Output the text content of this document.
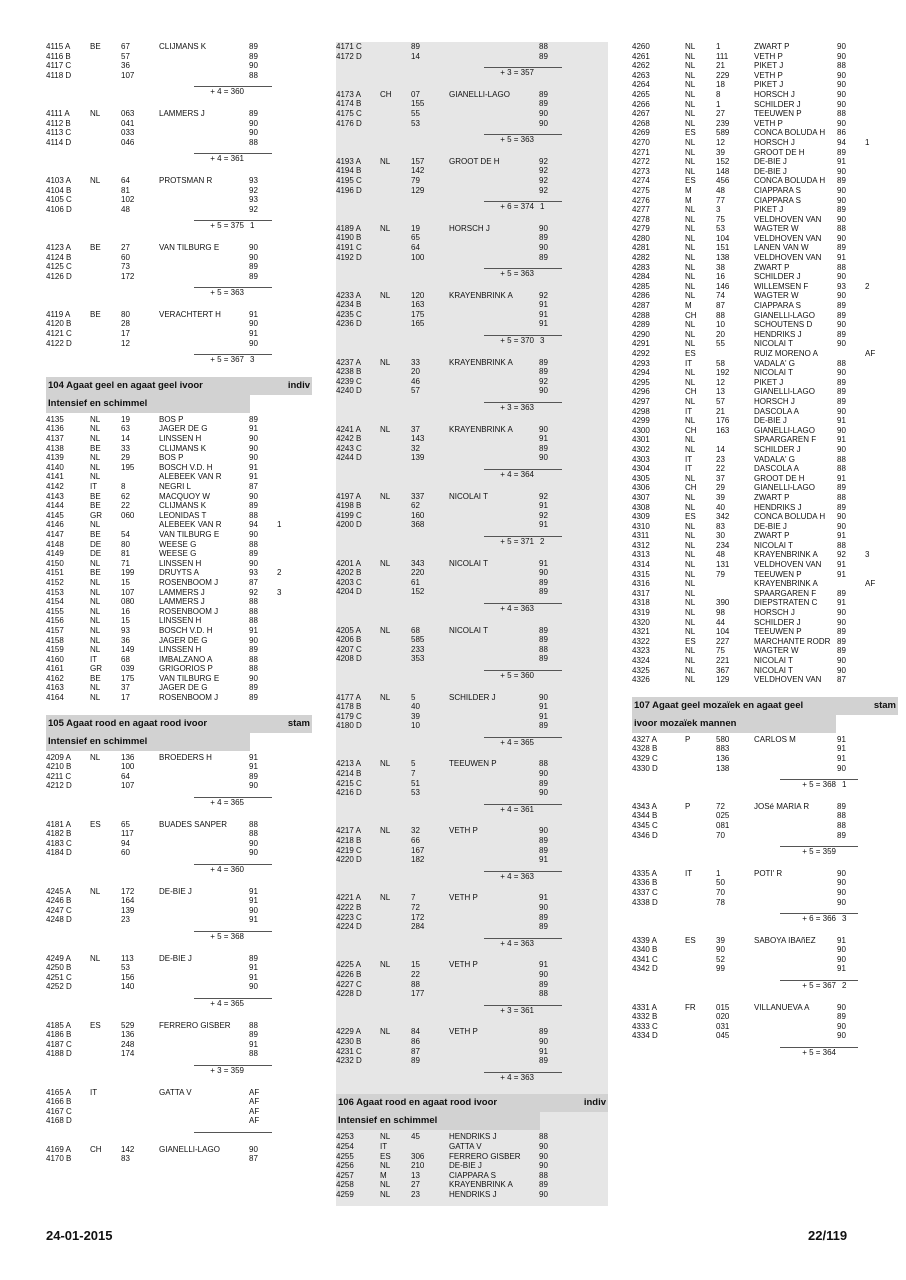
4115 A	BE	67	CLIJMANS K	89
4116 B	57	89
4117 C	36	90
4118 D	107	88
+ 4 = 360
4111 A	NL	063	LAMMERS J	89
4112 B	041	90
4113 C	033	90
4114 D	046	88
+ 4 = 361
4103 A	NL	64	PROTSMAN R	93
4104 B	81	92
4105 C	102	93
4106 D	48	92
+ 5 = 375 1
4123 A	BE	27	VAN TILBURG E	90
4124 B	60	90
4125 C	73	89
4126 D	172	89
+ 5 = 363
4119 A	BE	80	VERACHTERT H	91
4120 B	28	90
4121 C	17	91
4122 D	12	90
+ 5 = 367 3
104 Agaat geel en agaat geel ivoor	indiv
Intensief en schimmel
4135	NL	19	BOS P	89
4136	NL	63	JAGER DE G	91
4137	NL	14	LINSSEN H	90
4138	BE	33	CLIJMANS K	90
4139	NL	29	BOS P	90
4140	NL	195	BOSCH V.D. H	91
4141	NL	ALEBEEK VAN R	91
4142	IT	8	NEGRI L	87
4143	BE	62	MACQUOY W	90
4144	BE	22	CLIJMANS K	89
4145	GR	060	LEONIDAS T	88
4146	NL	ALEBEEK VAN R	94	1
4147	BE	54	VAN TILBURG E	90
4148	DE	80	WEESE G	88
4149	DE	81	WEESE G	89
4150	NL	71	LINSSEN H	90
4151	BE	199	DRUYTS A	93	2
4152	NL	15	ROSENBOOM J	87
4153	NL	107	LAMMERS J	92	3
4154	NL	080	LAMMERS J	88
4155	NL	16	ROSENBOOM J	88
4156	NL	15	LINSSEN H	88
4157	NL	93	BOSCH V.D. H	91
4158	NL	36	JAGER DE G	90
4159	NL	149	LINSSEN H	89
4160	IT	68	IMBALZANO A	88
4161	GR	039	GRIGORIOS P	88
4162	BE	175	VAN TILBURG E	90
4163	NL	37	JAGER DE G	89
4164	NL	17	ROSENBOOM J	89
105 Agaat rood en agaat rood ivoor	stam
Intensief en schimmel
4209 A	NL	136	BROEDERS H	91
4210 B	100	91
4211 C	64	89
4212 D	107	90
+ 4 = 365
4181 A	ES	65	BUADES SANPER	88
4182 B	117	88
4183 C	94	90
4184 D	60	90
+ 4 = 360
4245 A	NL	172	DE-BIE J	91
4246 B	164	91
4247 C	139	90
4248 D	23	91
+ 5 = 368
4249 A	NL	113	DE-BIE J	89
4250 B	53	91
4251 C	156	91
4252 D	140	90
+ 4 = 365
4185 A	ES	529	FERRERO GISBER	88
4186 B	136	89
4187 C	248	91
4188 D	174	88
+ 3 = 359
4165 A	IT	GATTA V	AF
4166 B	AF
4167 C	AF
4168 D	AF
4169 A	CH	142	GIANELLI-LAGO	90
4170 B	83	87
4171 C	89	88
4172 D	14	89
+ 3 = 357
4173 A	CH	07	GIANELLI-LAGO	89
4174 B	155	89
4175 C	55	90
4176 D	53	90
+ 5 = 363
4193 A	NL	157	GROOT DE H	92
4194 B	142	92
4195 C	79	92
4196 D	129	92
+ 6 = 374 1
4189 A	NL	19	HORSCH J	90
4190 B	65	89
4191 C	64	90
4192 D	100	89
+ 5 = 363
4233 A	NL	120	KRAYENBRINK A	92
4234 B	163	91
4235 C	175	91
4236 D	165	91
+ 5 = 370 3
4237 A	NL	33	KRAYENBRINK A	89
4238 B	20	89
4239 C	46	92
4240 D	57	90
+ 3 = 363
4241 A	NL	37	KRAYENBRINK A	90
4242 B	143	91
4243 C	32	89
4244 D	139	90
+ 4 = 364
4197 A	NL	337	NICOLAI T	92
4198 B	62	91
4199 C	160	92
4200 D	368	91
+ 5 = 371 2
4201 A	NL	343	NICOLAI T	91
4202 B	220	90
4203 C	61	89
4204 D	152	89
+ 4 = 363
4205 A	NL	68	NICOLAI T	89
4206 B	585	89
4207 C	233	88
4208 D	353	89
+ 5 = 360
4177 A	NL	5	SCHILDER J	90
4178 B	40	91
4179 C	39	91
4180 D	10	89
+ 4 = 365
4213 A	NL	5	TEEUWEN P	88
4214 B	7	90
4215 C	51	89
4216 D	53	90
+ 4 = 361
4217 A	NL	32	VETH P	90
4218 B	66	89
4219 C	167	89
4220 D	182	91
+ 4 = 363
4221 A	NL	7	VETH P	91
4222 B	72	90
4223 C	172	89
4224 D	284	89
+ 4 = 363
4225 A	NL	15	VETH P	91
4226 B	22	90
4227 C	88	89
4228 D	177	88
+ 3 = 361
4229 A	NL	84	VETH P	89
4230 B	86	90
4231 C	87	91
4232 D	89	89
+ 4 = 363
106 Agaat rood en agaat rood ivoor	indiv
Intensief en schimmel
4253	NL	45	HENDRIKS J	88
4254	IT	GATTA V	90
4255	ES	306	FERRERO GISBER	90
4256	NL	210	DE-BIE J	90
4257	M	13	CIAPPARA S	88
4258	NL	27	KRAYENBRINK A	89
4259	NL	23	HENDRIKS J	90
4260	NL	1	ZWART P	90
4261	NL	111	VETH P	90
4262	NL	21	PIKET J	88
4263	NL	229	VETH P	90
4264	NL	18	PIKET J	90
4265	NL	8	HORSCH J	90
4266	NL	1	SCHILDER J	90
4267	NL	27	TEEUWEN P	88
4268	NL	239	VETH P	90
4269	ES	589	CONCA BOLUDA H	86
4270	NL	12	HORSCH J	94	1
4271	NL	39	GROOT DE H	89
4272	NL	152	DE-BIE J	91
4273	NL	148	DE-BIE J	90
4274	ES	456	CONCA BOLUDA H	89
4275	M	48	CIAPPARA S	90
4276	M	77	CIAPPARA S	90
4277	NL	3	PIKET J	89
4278	NL	75	VELDHOVEN VAN	90
4279	NL	53	WAGTER W	88
4280	NL	104	VELDHOVEN VAN	90
4281	NL	151	LANEN VAN W	89
4282	NL	138	VELDHOVEN VAN	91
4283	NL	38	ZWART P	88
4284	NL	16	SCHILDER J	90
4285	NL	146	WILLEMSEN F	93	2
4286	NL	74	WAGTER W	90
4287	M	87	CIAPPARA S	89
4288	CH	88	GIANELLI-LAGO	89
4289	NL	10	SCHOUTENS D	90
4290	NL	20	HENDRIKS J	89
4291	NL	55	NICOLAI T	90
4292	ES	RUIZ MORENO A	AF
4293	IT	58	VADALA' G	88
4294	NL	192	NICOLAI T	90
4295	NL	12	PIKET J	89
4296	CH	13	GIANELLI-LAGO	89
4297	NL	57	HORSCH J	89
4298	IT	21	DASCOLA A	90
4299	NL	176	DE-BIE J	91
4300	CH	163	GIANELLI-LAGO	90
4301	NL	SPAARGAREN F	91
4302	NL	14	SCHILDER J	90
4303	IT	23	VADALA' G	88
4304	IT	22	DASCOLA A	88
4305	NL	37	GROOT DE H	91
4306	CH	29	GIANELLI-LAGO	89
4307	NL	39	ZWART P	88
4308	NL	40	HENDRIKS J	89
4309	ES	342	CONCA BOLUDA H	90
4310	NL	83	DE-BIE J	90
4311	NL	30	ZWART P	91
4312	NL	234	NICOLAI T	88
4313	NL	48	KRAYENBRINK A	92	3
4314	NL	131	VELDHOVEN VAN	91
4315	NL	79	TEEUWEN P	91
4316	NL	KRAYENBRINK A	AF
4317	NL	SPAARGAREN F	89
4318	NL	390	DIEPSTRATEN C	91
4319	NL	98	HORSCH J	90
4320	NL	44	SCHILDER J	90
4321	NL	104	TEEUWEN P	89
4322	ES	227	MARCHANTE RODR 89
4323	NL	75	WAGTER W	89
4324	NL	221	NICOLAI T	90
4325	NL	367	NICOLAI T	90
4326	NL	129	VELDHOVEN VAN	87
107 Agaat geel mozaïek en agaat geel	stam
ivoor mozaïek mannen
4327 A	P	580	CARLOS M	91
4328 B	883	91
4329 C	136	91
4330 D	138	90
+ 5 = 368 1
4343 A	P	72	JOSé MARIA R	89
4344 B	025	88
4345 C	081	88
4346 D	70	89
+ 5 = 359
4335 A	IT	1	POTI' R	90
4336 B	50	90
4337 C	70	90
4338 D	78	90
+ 6 = 366 3
4339 A	ES	39	SABOYA IBAñEZ	91
4340 B	90	90
4341 C	52	90
4342 D	99	91
+ 5 = 367 2
4331 A	FR	015	VILLANUEVA A	90
4332 B	020	89
4333 C	031	90
4334 D	045	90
+ 5 = 364
24-01-2015	22/119
